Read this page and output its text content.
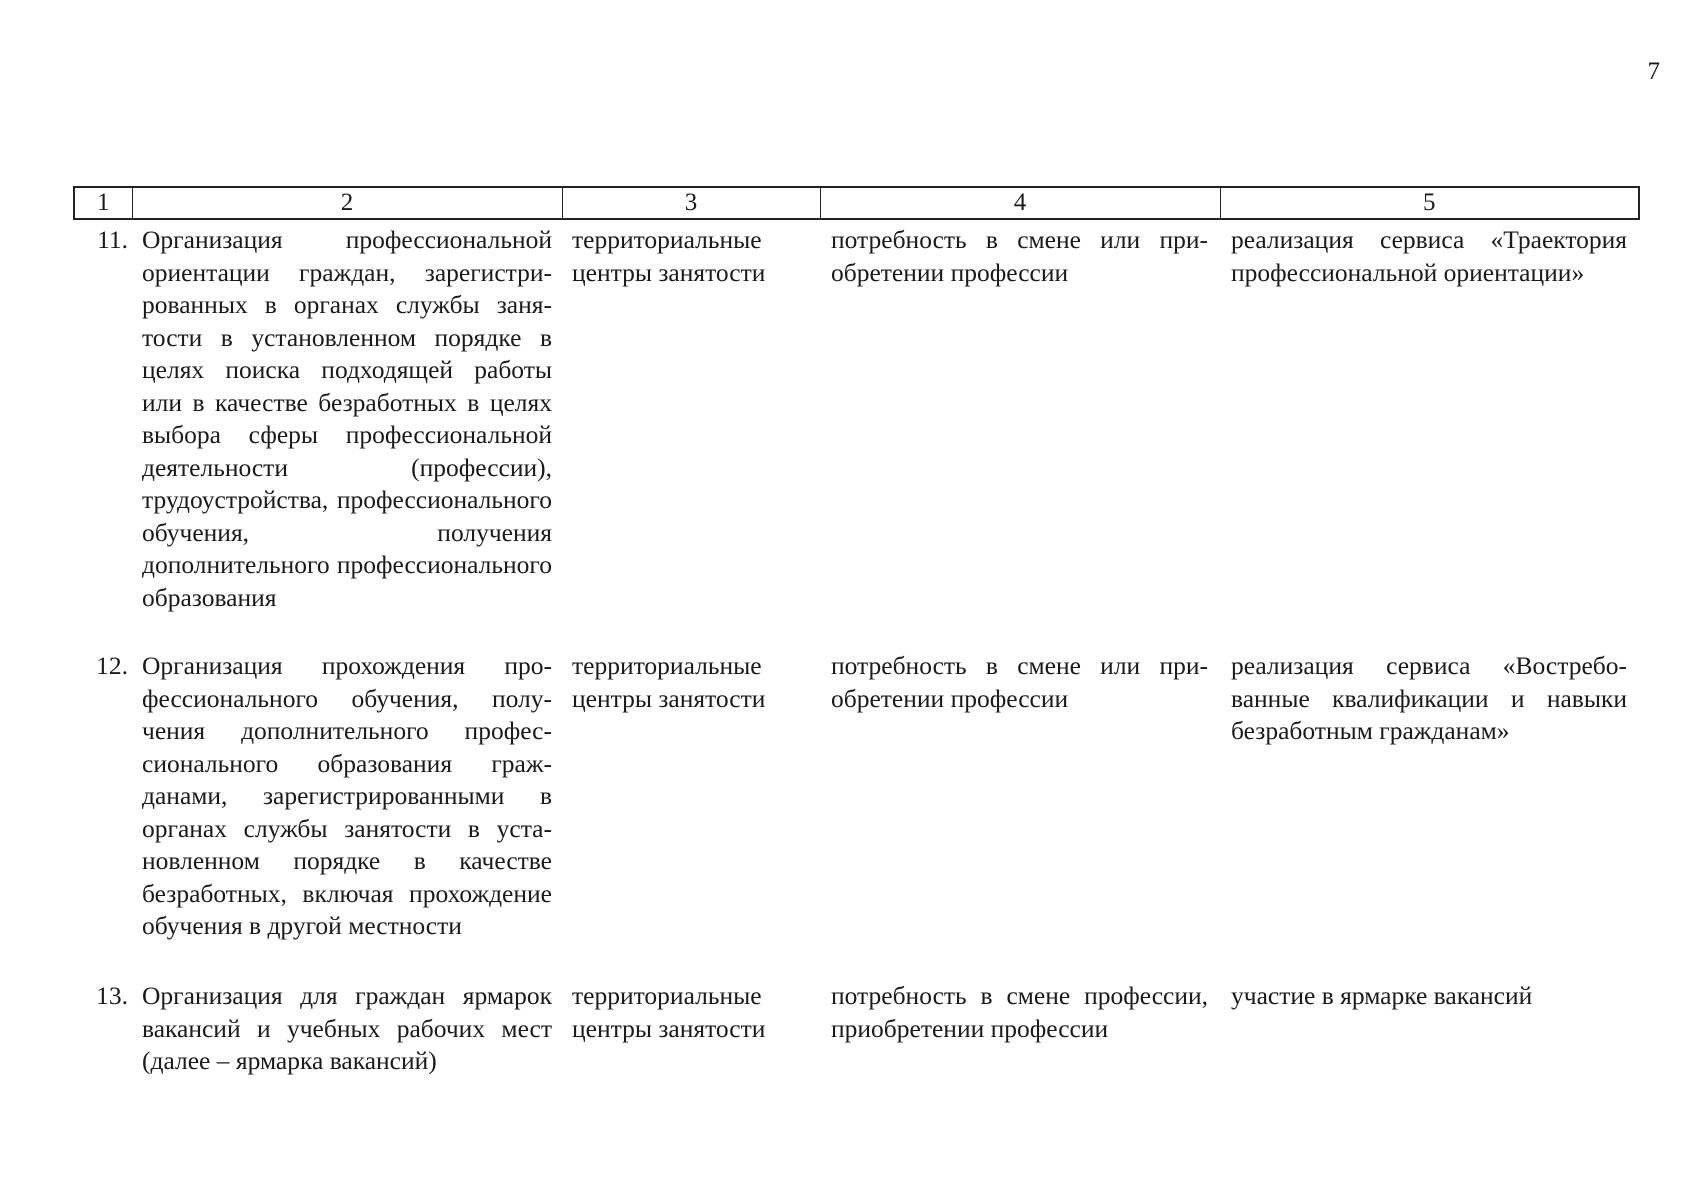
7
1	2	3	4	5
11.	Организация профессиональной ориентации граждан, зарегистрированных в органах службы занятости в установленном порядке в целях поиска подходящей работы или в качестве безработных в целях выбора сферы профессиональной деятельности (профессии), трудоустройства, профессионального обучения, получения дополнительного профессионального образования	территориальные центры занятости	потребность в смене или приобретении профессии	реализация сервиса «Траектория профессиональной ориентации»
12.	Организация прохождения профессионального обучения, получения дополнительного профессионального образования гражданами, зарегистрированными в органах службы занятости в установленном порядке в качестве безработных, включая прохождение обучения в другой местности	территориальные центры занятости	потребность в смене или приобретении профессии	реализация сервиса «Востребованные квалификации и навыки безработным гражданам»
13.	Организация для граждан ярмарок вакансий и учебных рабочих мест (далее – ярмарка вакансий)	территориальные центры занятости	потребность в смене профессии, приобретении профессии	участие в ярмарке вакансий
